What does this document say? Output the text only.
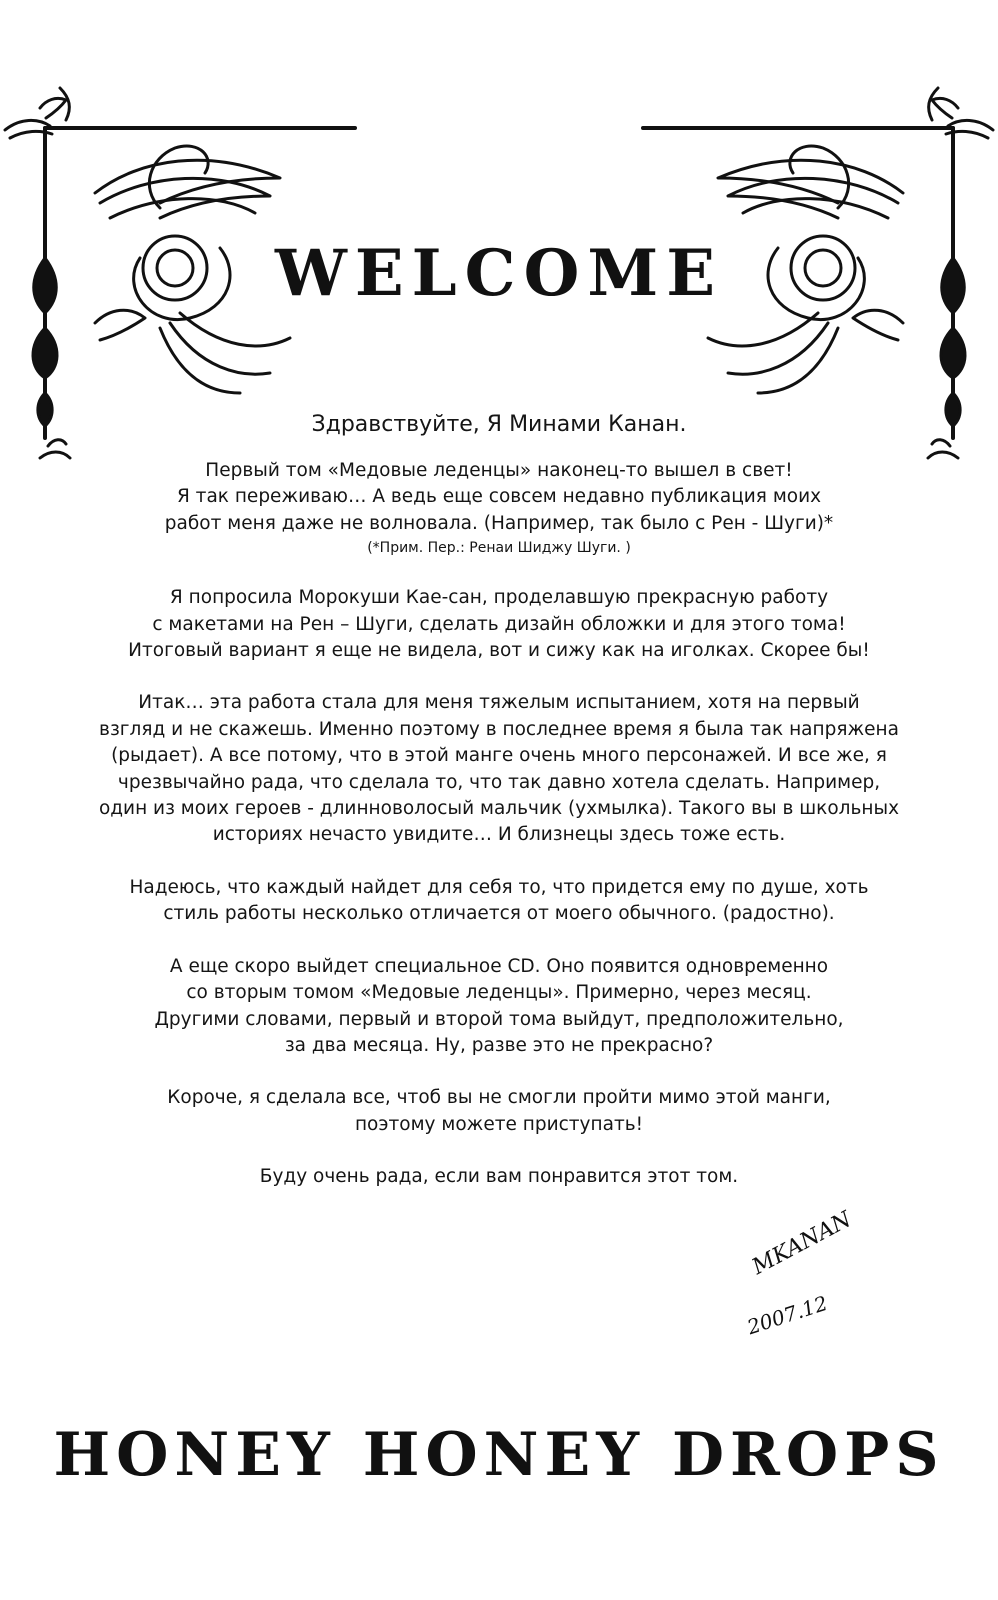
WELCOME
Здравствуйте, Я Минами Канан.
Первый том «Медовые леденцы» наконец-то вышел в свет!
Я так переживаю… А ведь еще совсем недавно публикация моих
работ меня даже не волновала. (Например, так было с Рен - Шуги)*
(*Прим. Пер.: Ренаи Шиджу Шуги. )
Я попросила Морокуши Кае-сан, проделавшую прекрасную работу
с макетами на Рен – Шуги, сделать дизайн обложки и для этого тома!
Итоговый вариант я еще не видела, вот и сижу как на иголках. Скорее бы!
Итак… эта работа стала для меня тяжелым испытанием, хотя на первый
взгляд и не скажешь. Именно поэтому в последнее время я была так напряжена
(рыдает). А все потому, что в этой манге очень много персонажей. И все же, я
чрезвычайно рада, что сделала то, что так давно хотела сделать. Например,
один из моих героев - длинноволосый мальчик (ухмылка). Такого вы в школьных
историях нечасто увидите… И близнецы здесь тоже есть.
Надеюсь, что каждый найдет для себя то, что придется ему по душе, хоть
стиль работы несколько отличается от моего обычного. (радостно).
А еще скоро выйдет специальное CD. Оно появится одновременно
со вторым томом «Медовые леденцы». Примерно, через месяц.
Другими словами, первый и второй тома выйдут, предположительно,
за два месяца. Ну, разве это не прекрасно?
Короче, я сделала все, чтоб вы не смогли пройти мимо этой манги,
поэтому можете приступать!
Буду очень рада, если вам понравится этот том.
MKANAN
2007.12
HONEY HONEY DROPS
